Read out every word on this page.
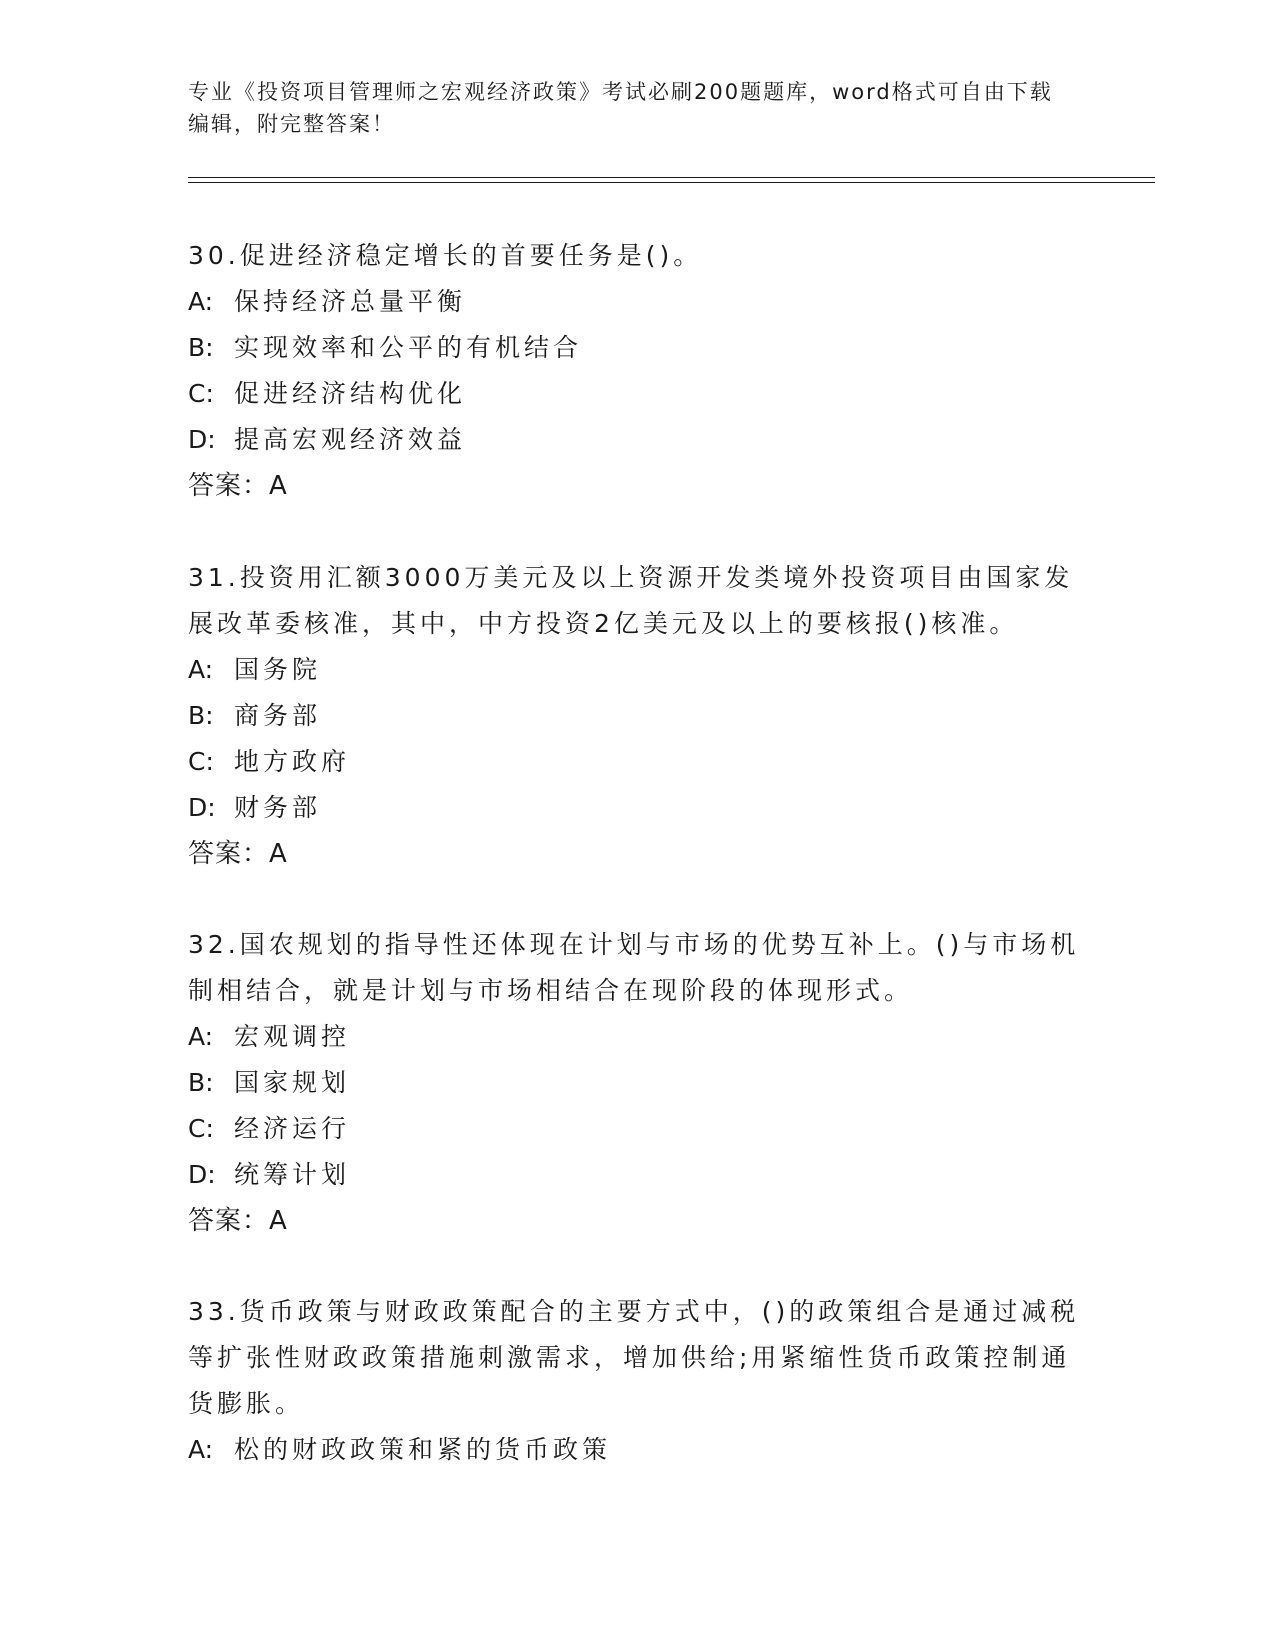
专业《投资项目管理师之宏观经济政策》考试必刷200题题库，word格式可自由下载编辑，附完整答案！

30.促进经济稳定增长的首要任务是()。

A: 保持经济总量平衡

B: 实现效率和公平的有机结合

C: 促进经济结构优化

D: 提高宏观经济效益

答案：A

31.投资用汇额3000万美元及以上资源开发类境外投资项目由国家发展改革委核准，其中，中方投资2亿美元及以上的要核报()核准。

A: 国务院

B: 商务部

C: 地方政府

D: 财务部

答案：A

32.国农规划的指导性还体现在计划与市场的优势互补上。()与市场机制相结合，就是计划与市场相结合在现阶段的体现形式。

A: 宏观调控

B: 国家规划

C: 经济运行

D: 统筹计划

答案：A

33.货币政策与财政政策配合的主要方式中，()的政策组合是通过减税等扩张性财政政策措施刺激需求，增加供给;用紧缩性货币政策控制通货膨胀。

A: 松的财政政策和紧的货币政策
